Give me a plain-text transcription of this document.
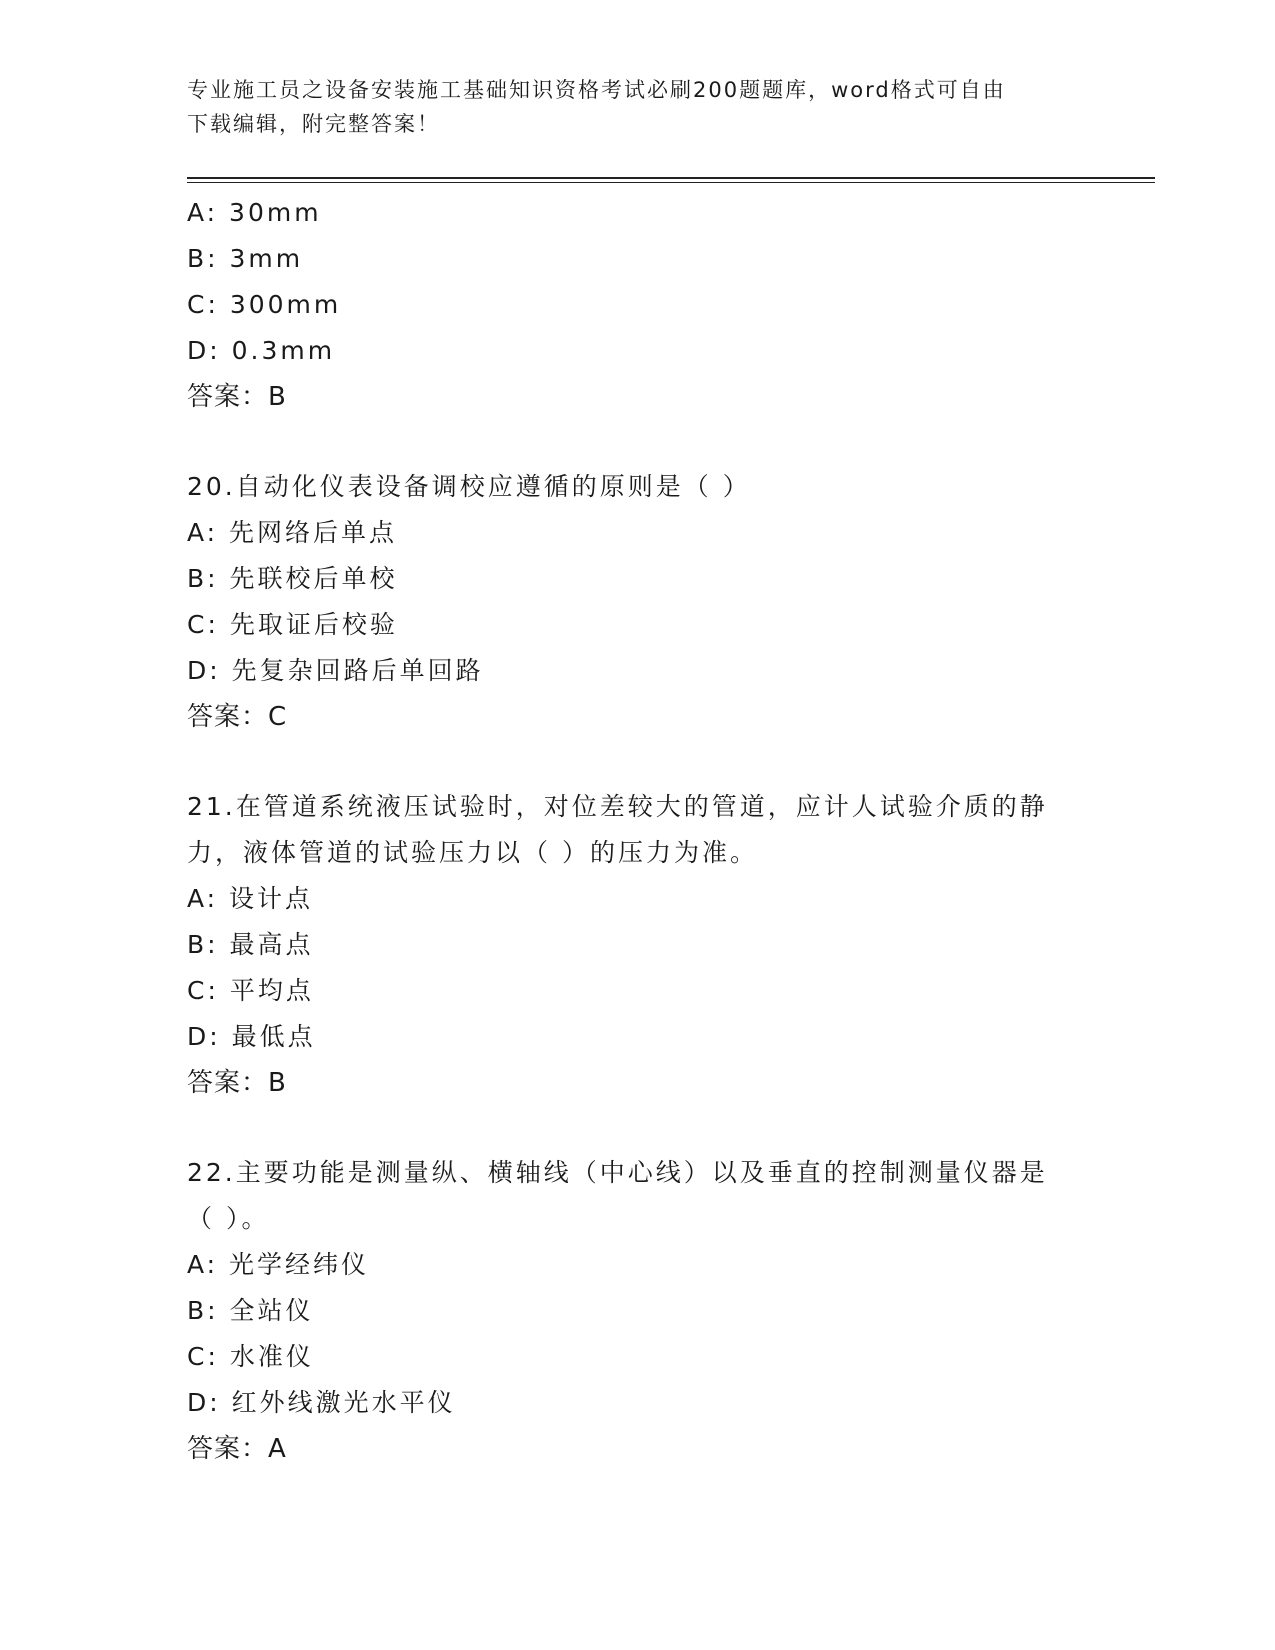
专业施工员之设备安装施工基础知识资格考试必刷200题题库，word格式可自由
下载编辑，附完整答案！
A: 30mm
B: 3mm
C: 300mm
D: 0.3mm
答案：B
20.自动化仪表设备调校应遵循的原则是（ ）
A: 先网络后单点
B: 先联校后单校
C: 先取证后校验
D: 先复杂回路后单回路
答案：C
21.在管道系统液压试验时，对位差较大的管道，应计人试验介质的静
力，液体管道的试验压力以（ ）的压力为准。
A: 设计点
B: 最高点
C: 平均点
D: 最低点
答案：B
22.主要功能是测量纵、横轴线（中心线）以及垂直的控制测量仪器是
（ ）。
A: 光学经纬仪
B: 全站仪
C: 水准仪
D: 红外线激光水平仪
答案：A
